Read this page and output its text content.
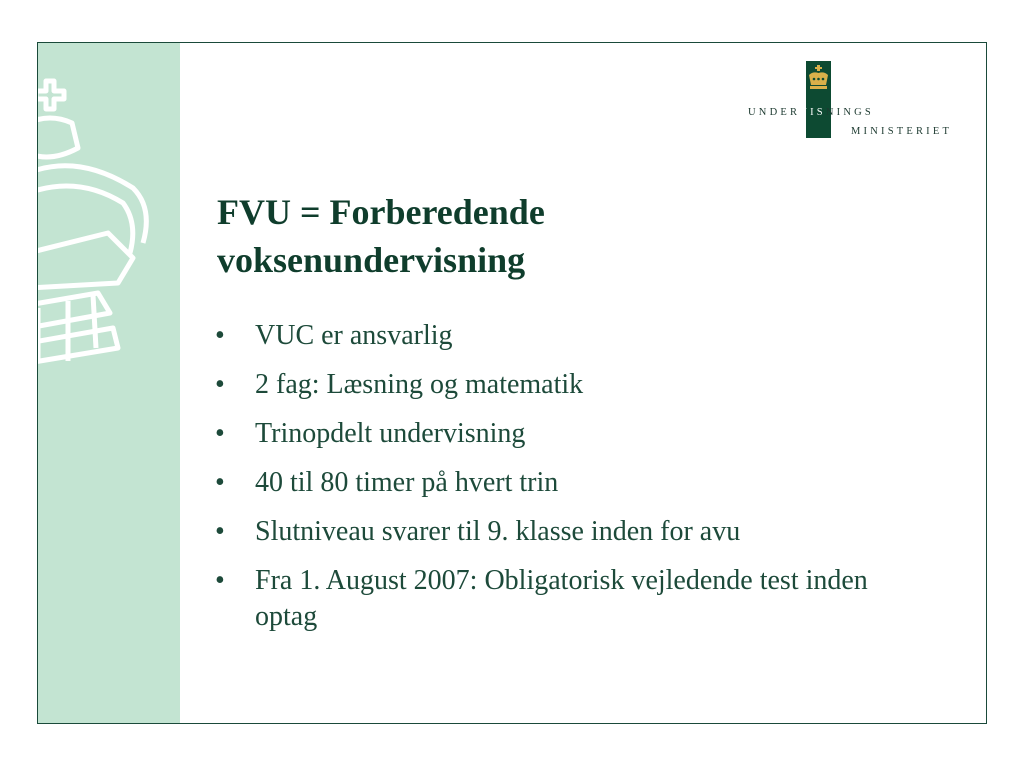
UNDERVISNINGS
MINISTERIET
FVU = Forberedende
voksenundervisning
• VUC er ansvarlig
• 2 fag: Læsning og matematik
• Trinopdelt undervisning
• 40 til 80 timer på hvert trin
• Slutniveau svarer til 9. klasse inden for avu
• Fra 1. August 2007: Obligatorisk vejledende test inden optag
